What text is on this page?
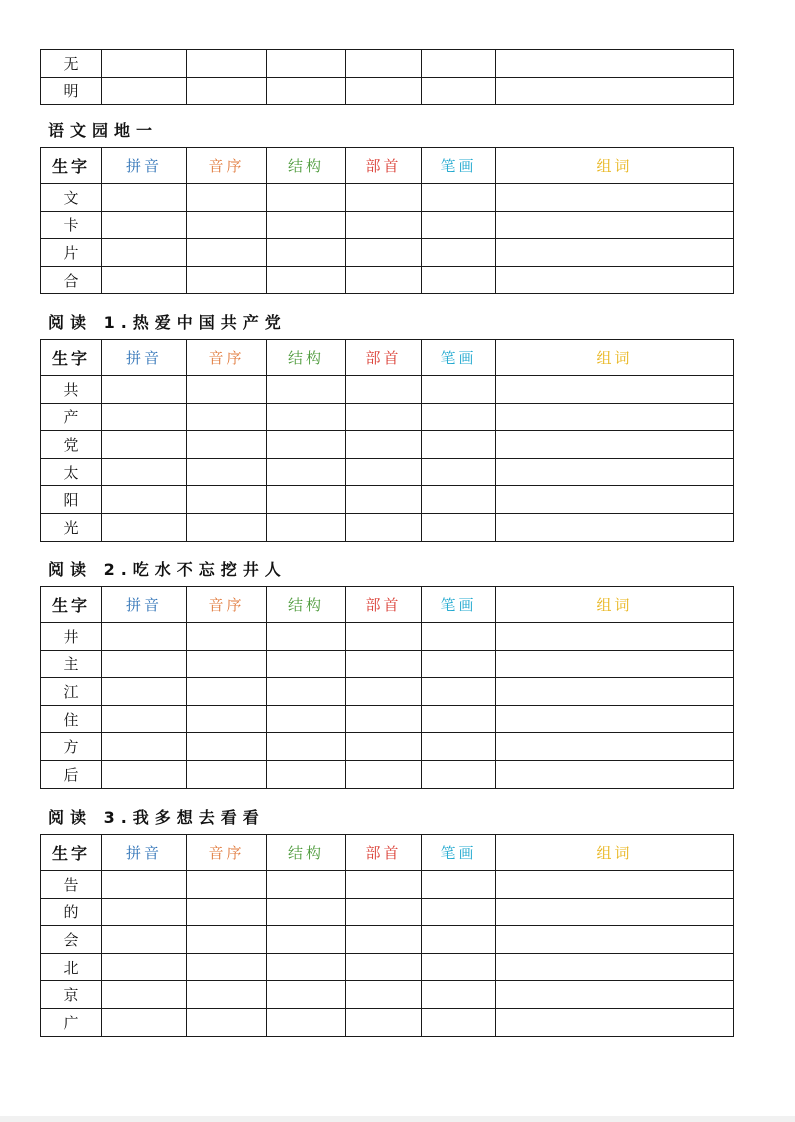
无						
明						
语文园地一
生字	拼音	音序	结构	部首	笔画	组词
文						
卡						
片						
合						
阅读 1.热爱中国共产党
生字	拼音	音序	结构	部首	笔画	组词
共						
产						
党						
太						
阳						
光						
阅读 2.吃水不忘挖井人
生字	拼音	音序	结构	部首	笔画	组词
井						
主						
江						
住						
方						
后						
阅读 3.我多想去看看
生字	拼音	音序	结构	部首	笔画	组词
告						
的						
会						
北						
京						
广						
